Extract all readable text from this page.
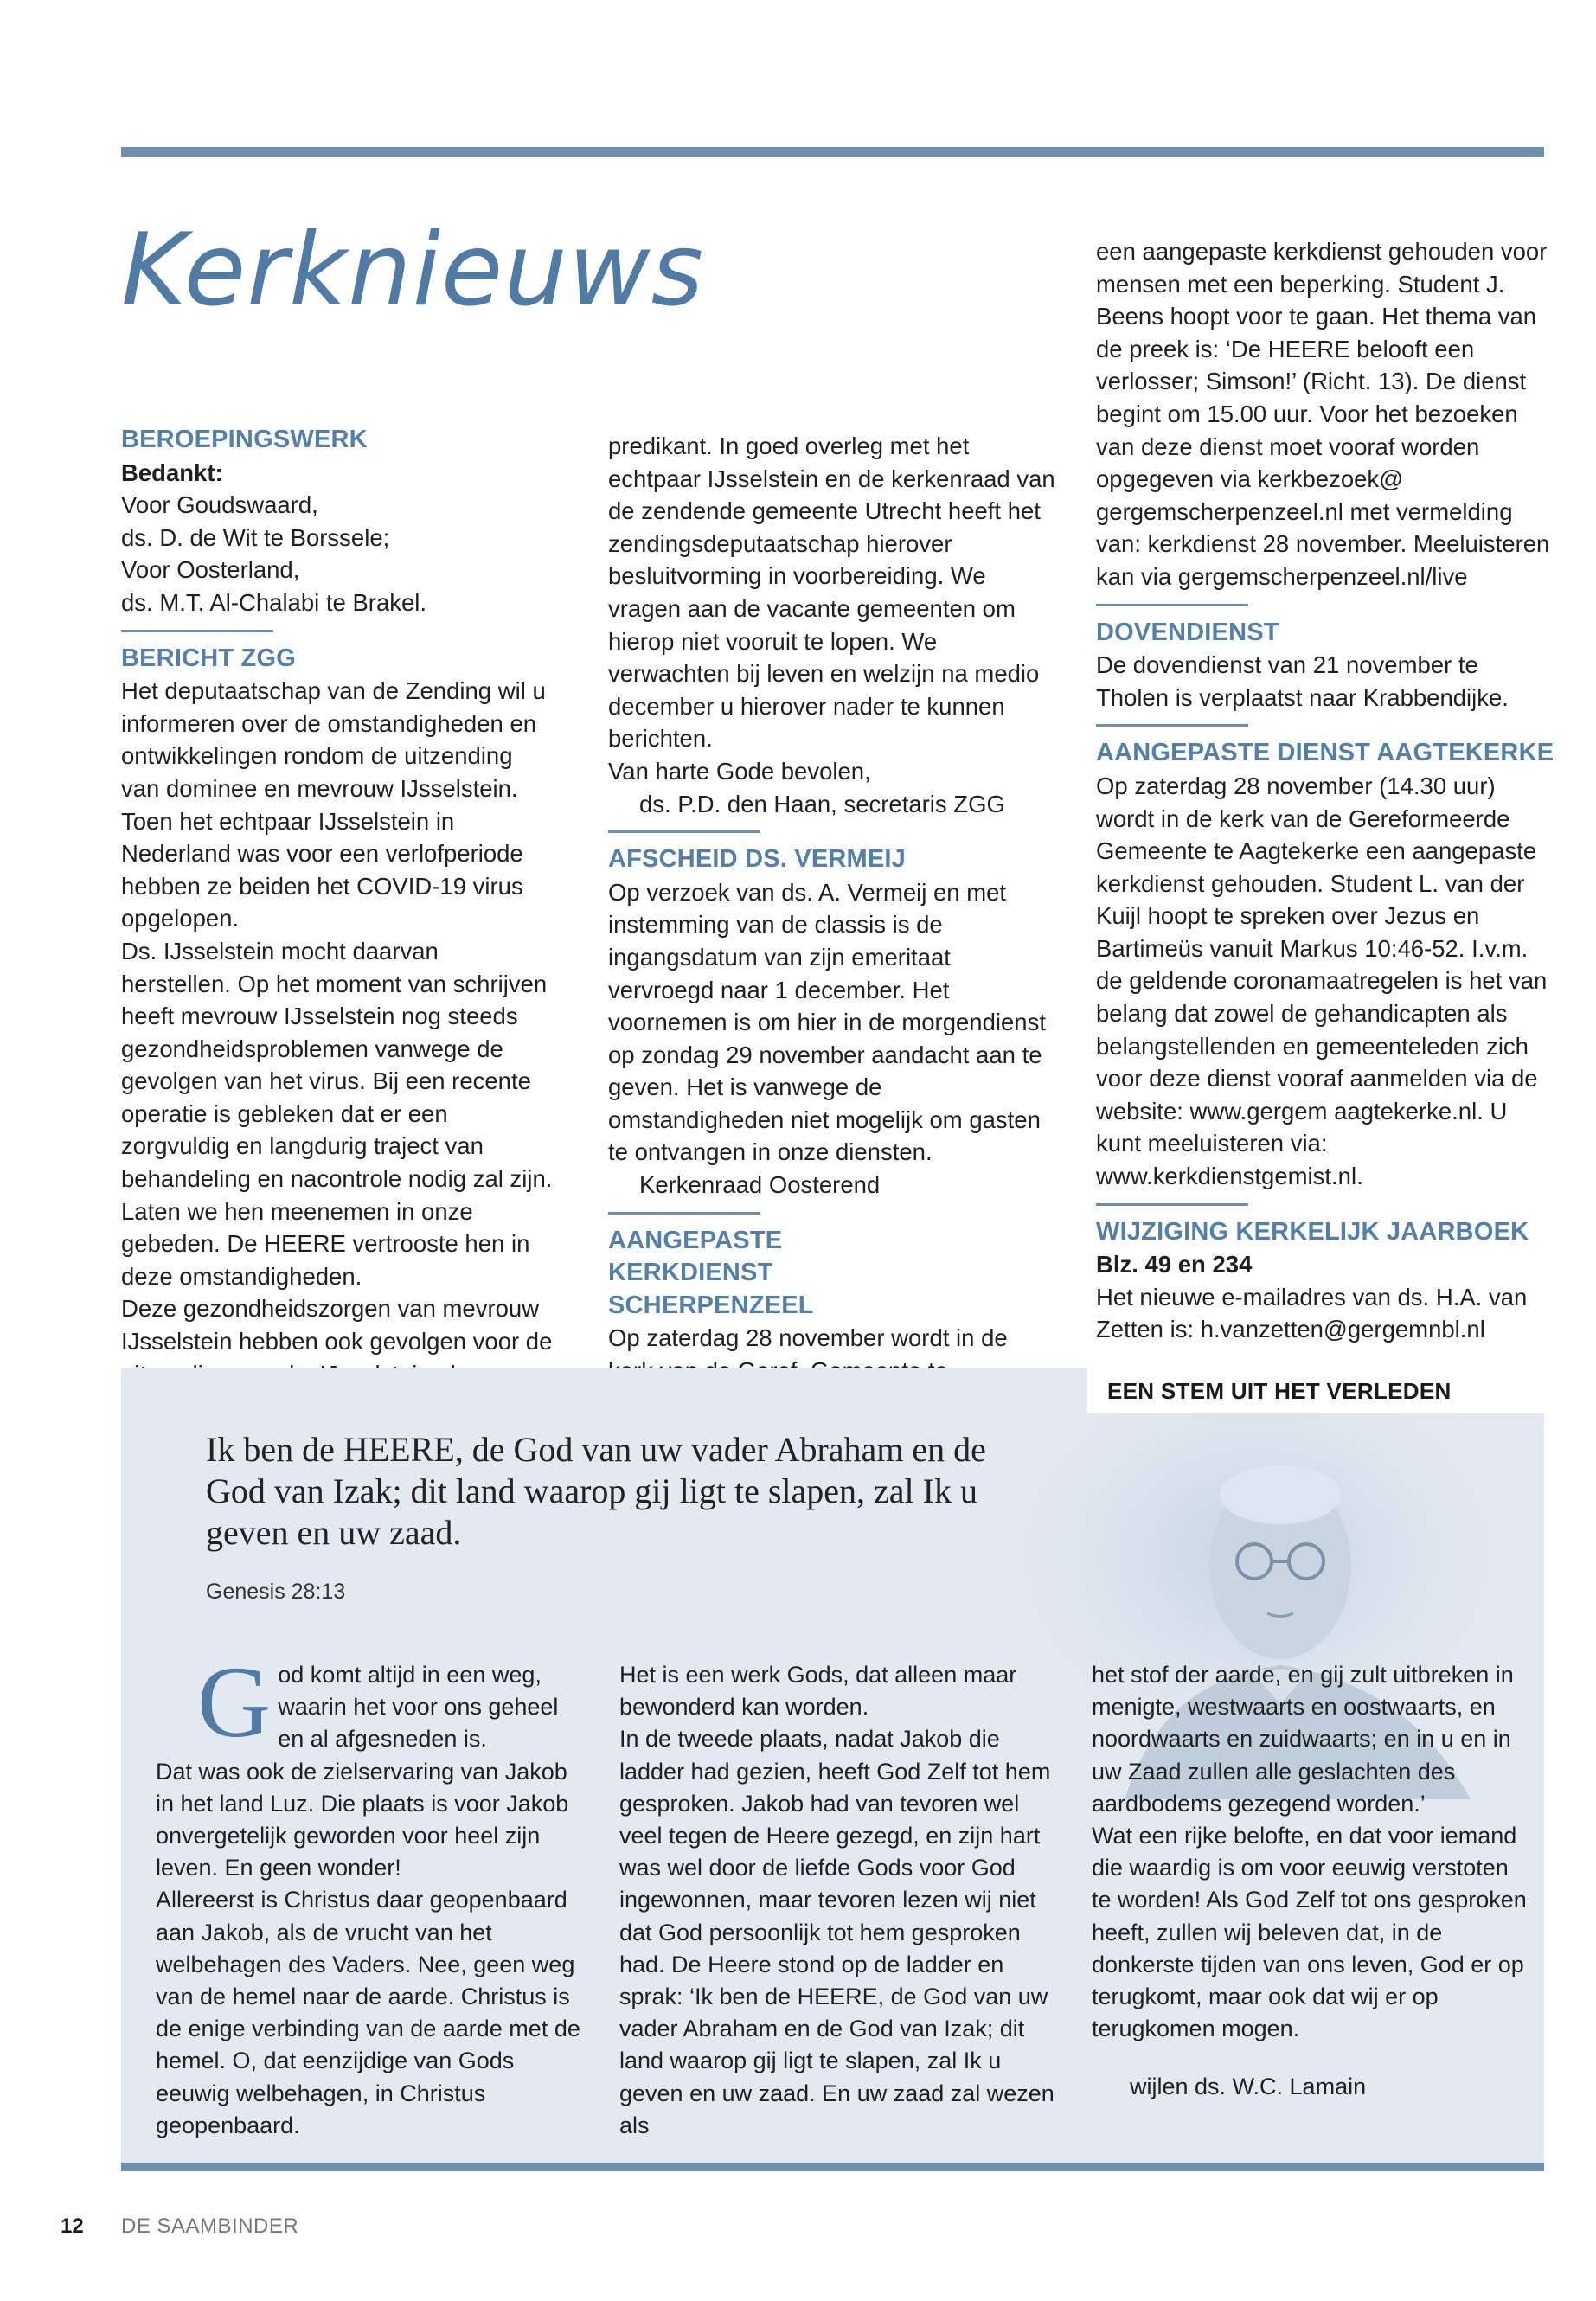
Kerknieuws

BEROEPINGSWERK

Bedankt:

Voor Goudswaard,

ds. D. de Wit te Borssele;

Voor Oosterland,

ds. M.T. Al-Chalabi te Brakel.

BERICHT ZGG

Het deputaatschap van de Zending wil u informeren over de omstandigheden en ontwikkelingen rondom de uitzending van dominee en mevrouw IJsselstein.

Toen het echtpaar IJsselstein in Nederland was voor een verlofperiode hebben ze beiden het COVID-19 virus opgelopen.

Ds. IJsselstein mocht daarvan herstellen. Op het moment van schrijven heeft mevrouw IJsselstein nog steeds gezondheidsproblemen vanwege de gevolgen van het virus. Bij een recente operatie is gebleken dat er een zorgvuldig en langdurig traject van behandeling en nacontrole nodig zal zijn. Laten we hen meenemen in onze gebeden. De HEERE vertrooste hen in deze omstandigheden.

Deze gezondheidszorgen van mevrouw IJsselstein hebben ook gevolgen voor de

predikant. In goed overleg met het echtpaar IJsselstein en de kerkenraad van de zendende gemeente Utrecht heeft het zendingsdeputaatschap hierover besluitvorming in voorbereiding. We vragen aan de vacante gemeenten om hierop niet vooruit te lopen. We verwachten bij leven en welzijn na medio december u hierover nader te kunnen berichten.

Van harte Gode bevolen,

ds. P.D. den Haan, secretaris ZGG

AFSCHEID DS. VERMEIJ

Op verzoek van ds. A. Vermeij en met instemming van de classis is de ingangsdatum van zijn emeritaat vervroegd naar 1 december. Het voornemen is om hier in de morgendienst op zondag 29 november aandacht aan te geven. Het is vanwege de omstandigheden niet mogelijk om gasten te ontvangen in onze diensten.

Kerkenraad Oosterend

AANGEPASTE KERKDIENST SCHERPENZEEL

Op zaterdag 28 november wordt in de

een aangepaste kerkdienst gehouden voor mensen met een beperking. Student J. Beens hoopt voor te gaan. Het thema van de preek is: ‘De HEERE belooft een verlosser; Simson!’ (Richt. 13). De dienst begint om 15.00 uur. Voor het bezoeken van deze dienst moet vooraf worden opgegeven via kerkbezoek@ gergemscherpenzeel.nl met vermelding van: kerkdienst 28 november. Meeluisteren kan via gergemscherpenzeel.nl/live

DOVENDIENST

De dovendienst van 21 november te Tholen is verplaatst naar Krabbendijke.

AANGEPASTE DIENST AAGTEKERKE

Op zaterdag 28 november (14.30 uur) wordt in de kerk van de Gereformeerde Gemeente te Aagtekerke een aangepaste kerkdienst gehouden. Student L. van der Kuijl hoopt te spreken over Jezus en Bartimeüs vanuit Markus 10:46-52. I.v.m. de geldende coronamaatregelen is het van belang dat zowel de gehandicapten als belangstellenden en gemeenteleden zich voor deze dienst vooraf aanmelden via de website: www.gergem aagtekerke.nl. U kunt meeluisteren via: www.kerkdienstgemist.nl.

WIJZIGING KERKELIJK JAARBOEK

Blz. 49 en 234

Het nieuwe e-mailadres van ds. H.A. van Zetten is: h.vanzetten@gergemnbl.nl

EEN STEM UIT HET VERLEDEN

Ik ben de HEERE, de God van uw vader Abraham en de God van Izak; dit land waarop gij ligt te slapen, zal Ik u geven en uw zaad.

Genesis 28:13

God komt altijd in een weg, waarin het voor ons geheel en al afgesneden is.

Dat was ook de zielservaring van Jakob in het land Luz. Die plaats is voor Jakob onvergetelijk geworden voor heel zijn leven. En geen wonder!

Allereerst is Christus daar geopenbaard aan Jakob, als de vrucht van het welbehagen des Vaders. Nee, geen weg van de hemel naar de aarde. Christus is de enige verbinding van de aarde met de hemel. O, dat eenzijdige van Gods eeuwig welbehagen, in Christus geopenbaard.

Het is een werk Gods, dat alleen maar bewonderd kan worden.

In de tweede plaats, nadat Jakob die ladder had gezien, heeft God Zelf tot hem gesproken. Jakob had van tevoren wel veel tegen de Heere gezegd, en zijn hart was wel door de liefde Gods voor God ingewonnen, maar tevoren lezen wij niet dat God persoonlijk tot hem gesproken had. De Heere stond op de ladder en sprak: ‘Ik ben de HEERE, de God van uw vader Abraham en de God van Izak; dit land waarop gij ligt te slapen, zal Ik u geven en uw zaad. En uw zaad zal wezen als

het stof der aarde, en gij zult uitbreken in menigte, westwaarts en oostwaarts, en noordwaarts en zuidwaarts; en in u en in uw Zaad zullen alle geslachten des aardbodems gezegend worden.’

Wat een rijke belofte, en dat voor iemand die waardig is om voor eeuwig verstoten te worden! Als God Zelf tot ons gesproken heeft, zullen wij beleven dat, in de donkerste tijden van ons leven, God er op terugkomt, maar ook dat wij er op terugkomen mogen.

wijlen ds. W.C. Lamain

12 DE SAAMBINDER
